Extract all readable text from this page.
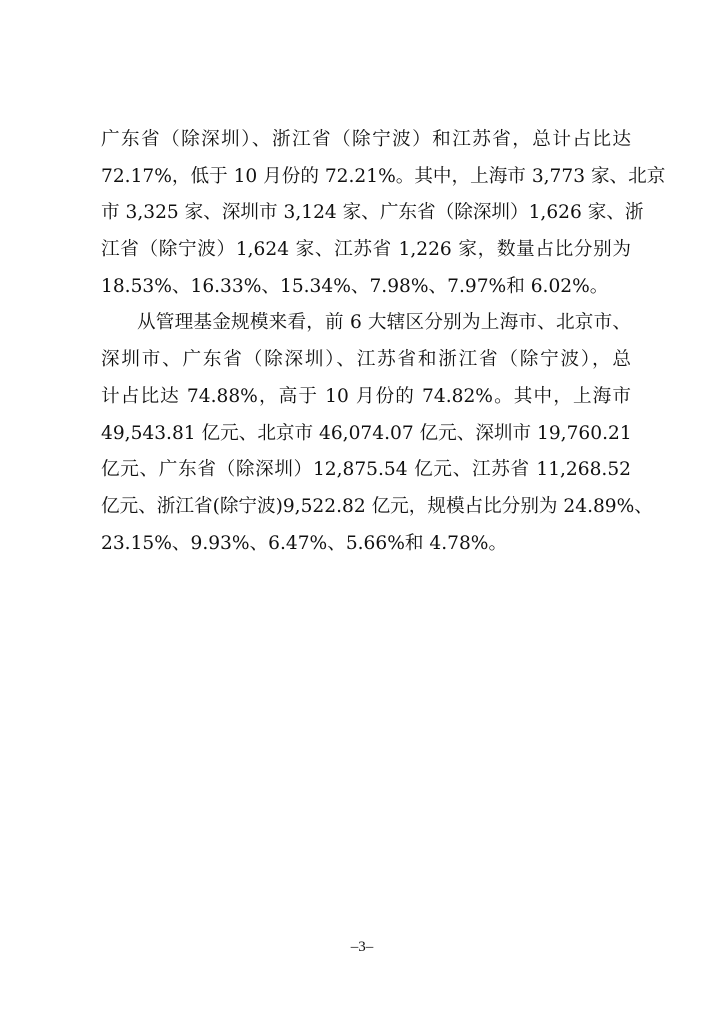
广东省（除深圳）、浙江省（除宁波）和江苏省，总计占比达
72.17%，低于 10 月份的 72.21%。其中，上海市 3,773 家、北京
市 3,325 家、深圳市 3,124 家、广东省（除深圳）1,626 家、浙
江省（除宁波）1,624 家、江苏省 1,226 家，数量占比分别为
18.53%、16.33%、15.34%、7.98%、7.97%和 6.02%。
从管理基金规模来看，前 6 大辖区分别为上海市、北京市、
深圳市、广东省（除深圳）、江苏省和浙江省（除宁波），总
计占比达 74.88%，高于 10 月份的 74.82%。其中，上海市
49,543.81 亿元、北京市 46,074.07 亿元、深圳市 19,760.21
亿元、广东省（除深圳）12,875.54 亿元、江苏省 11,268.52
亿元、浙江省(除宁波)9,522.82 亿元，规模占比分别为 24.89%、
23.15%、9.93%、6.47%、5.66%和 4.78%。
–3–
